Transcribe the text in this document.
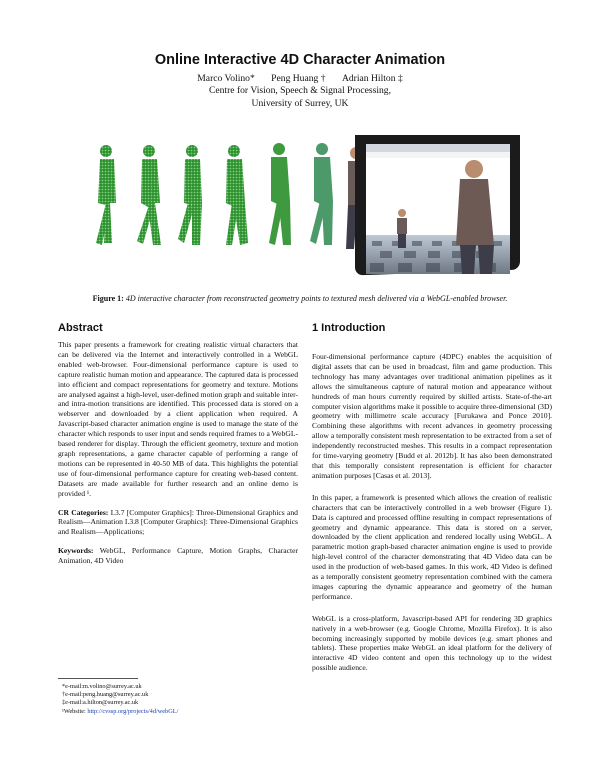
Online Interactive 4D Character Animation
Marco Volino* Peng Huang † Adrian Hilton ‡
Centre for Vision, Speech & Signal Processing,
University of Surrey, UK
Figure 1: 4D interactive character from reconstructed geometry points to textured mesh delivered via a WebGL-enabled browser.
Abstract

This paper presents a framework for creating realistic virtual characters that can be delivered via the Internet and interactively controlled in a WebGL enabled web-browser. Four-dimensional performance capture is used to capture realistic human motion and appearance. The captured data is processed into efficient and compact representations for geometry and texture. Motions are analysed against a high-level, user-defined motion graph and suitable inter- and intra-motion transitions are identified. This processed data is stored on a webserver and downloaded by a client application when required. A Javascript-based character animation engine is used to manage the state of the character which responds to user input and sends required frames to a WebGL-based renderer for display. Through the efficient geometry, texture and motion graph representations, a game character capable of performing a range of motions can be represented in 40-50 MB of data. This highlights the potential use of four-dimensional performance capture for creating web-based content. Datasets are made available for further research and an online demo is provided ¹.

CR Categories: I.3.7 [Computer Graphics]: Three-Dimensional Graphics and Realism—Animation I.3.8 [Computer Graphics]: Three-Dimensional Graphics and Realism—Applications;

Keywords: WebGL, Performance Capture, Motion Graphs, Character Animation, 4D Video

*e-mail:m.volino@surrey.ac.uk
†e-mail:peng.huang@surrey.ac.uk
‡e-mail:a.hilton@surrey.ac.uk
¹Website: http://cvssp.org/projects/4d/webGL/
1 Introduction

Four-dimensional performance capture (4DPC) enables the acquisition of digital assets that can be used in broadcast, film and game production. This technology has many advantages over traditional animation pipelines as it allows the simultaneous capture of natural motion and appearance without hundreds of man hours currently required by skilled artists. State-of-the-art computer vision algorithms make it possible to acquire three-dimensional (3D) geometry with millimetre scale accuracy [Furukawa and Ponce 2010]. Combining these algorithms with recent advances in geometry processing allow a temporally consistent mesh representation to be extracted from a set of independently reconstructed meshes. This results in a compact representation for time-varying geometry [Budd et al. 2012b]. It has also been demonstrated that this temporally consistent representation is efficient for character animation purposes [Casas et al. 2013].

In this paper, a framework is presented which allows the creation of realistic characters that can be interactively controlled in a web browser (Figure 1). Data is captured and processed offline resulting in compact representations of geometry and dynamic appearance. This data is stored on a server, downloaded by the client application and rendered locally using WebGL. A parametric motion graph-based character animation engine is used to provide high-level control of the character demonstrating that 4D Video data can be used in the production of web-based games. In this work, 4D Video is defined as a temporally consistent geometry representation combined with the camera images capturing the dynamic appearance and geometry of the human performance.

WebGL is a cross-platform, Javascript-based API for rendering 3D graphics natively in a web-browser (e.g. Google Chrome, Mozilla Firefox). It is also becoming increasingly supported by mobile devices (e.g. smart phones and tablets). These properties make WebGL an ideal platform for the delivery of interactive 4D video content and open this technology up to the widest possible audience.
